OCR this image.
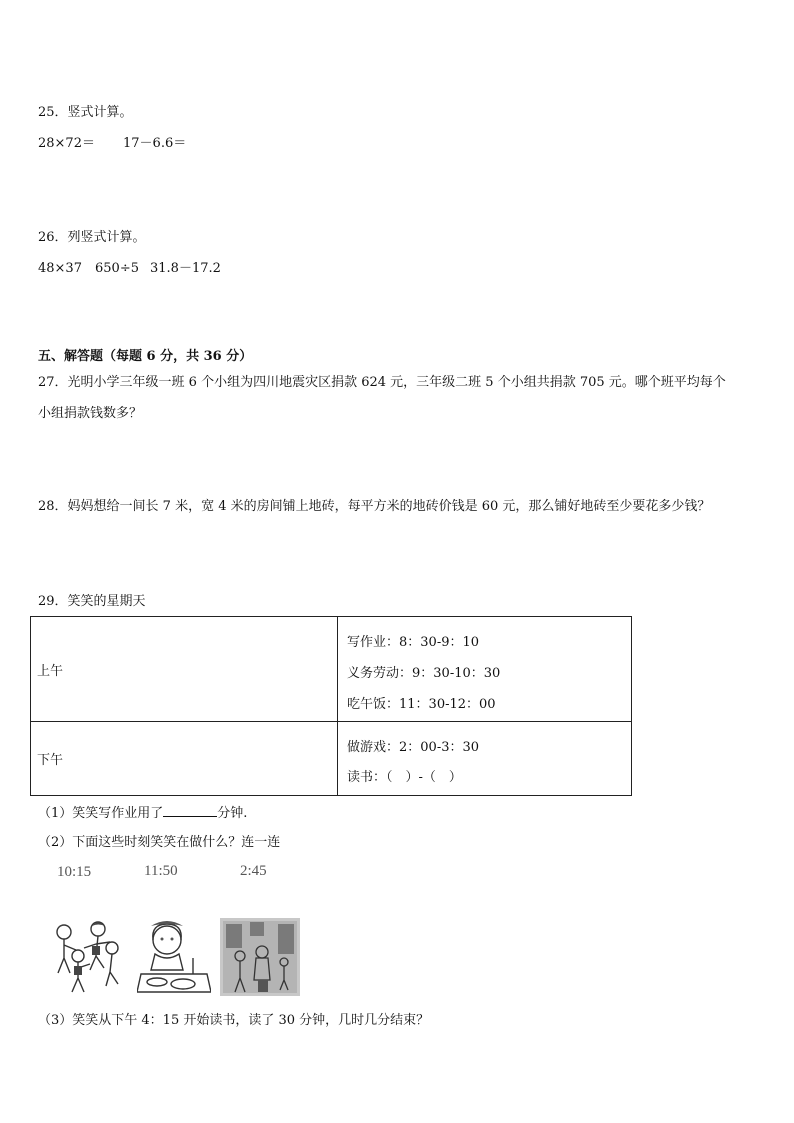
25．竖式计算。
28×72＝ 17－6.6＝
26．列竖式计算。
48×37 650÷5 31.8－17.2
五、解答题（每题 6 分，共 36 分）
27．光明小学三年级一班 6 个小组为四川地震灾区捐款 624 元，三年级二班 5 个小组共捐款 705 元。哪个班平均每个
小组捐款钱数多？
28．妈妈想给一间长 7 米，宽 4 米的房间铺上地砖，每平方米的地砖价钱是 60 元，那么铺好地砖至少要花多少钱？
29．笑笑的星期天
上午	写作业：8：30-9：10
义务劳动：9：30-10：30
吃午饭：11：30-12：00

下午	做游戏：2：00-3：30
读书：（　）-（　）
（1）笑笑写作业用了	分钟.
（2）下面这些时刻笑笑在做什么？连一连
10:15	11:50	2:45
（3）笑笑从下午 4：15 开始读书，读了 30 分钟，几时几分结束？
